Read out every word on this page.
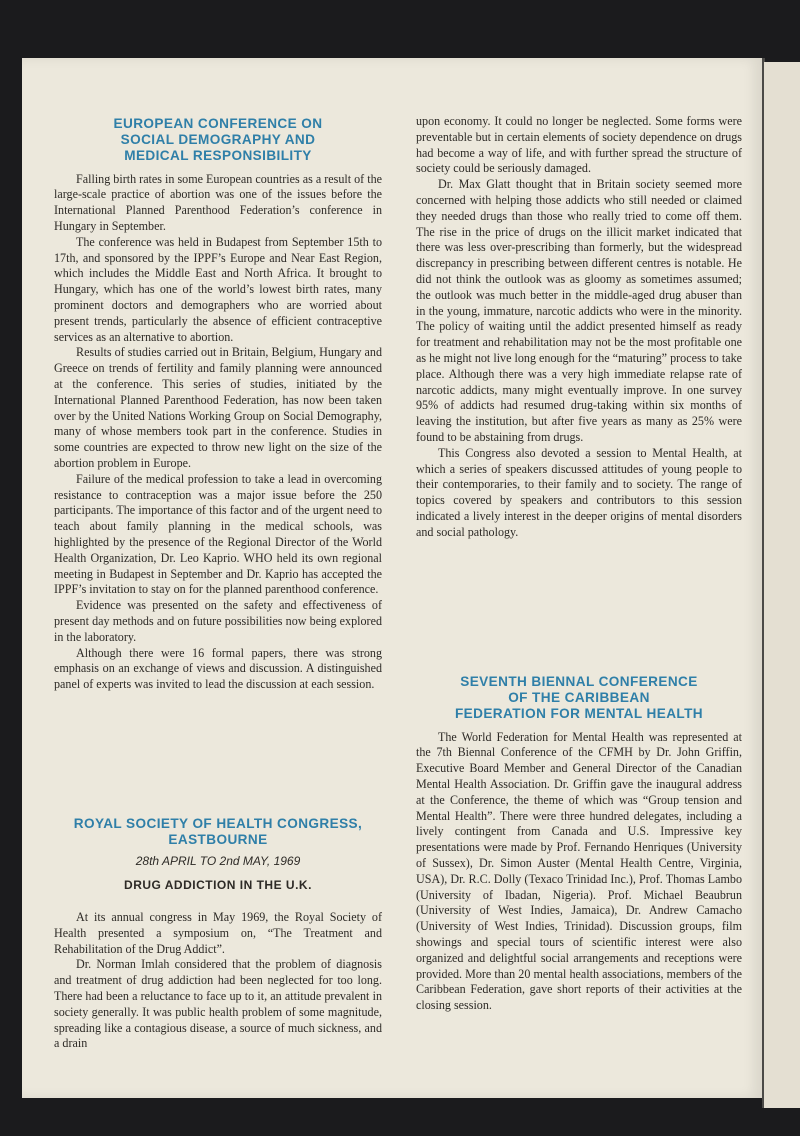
EUROPEAN CONFERENCE ON
SOCIAL DEMOGRAPHY AND
MEDICAL RESPONSIBILITY

Falling birth rates in some European countries as a result of the large-scale practice of abortion was one of the issues before the International Planned Parenthood Federation’s conference in Hungary in September.

The conference was held in Budapest from September 15th to 17th, and sponsored by the IPPF’s Europe and Near East Region, which includes the Middle East and North Africa. It brought to Hungary, which has one of the world’s lowest birth rates, many prominent doctors and demographers who are worried about present trends, particularly the absence of efficient contraceptive services as an alternative to abortion.

Results of studies carried out in Britain, Belgium, Hungary and Greece on trends of fertility and family planning were announced at the conference. This series of studies, initiated by the International Planned Parenthood Federation, has now been taken over by the United Nations Working Group on Social Demography, many of whose members took part in the conference. Studies in some countries are expected to throw new light on the size of the abortion problem in Europe.

Failure of the medical profession to take a lead in overcoming resistance to contraception was a major issue before the 250 participants. The importance of this factor and of the urgent need to teach about family planning in the medical schools, was highlighted by the presence of the Regional Director of the World Health Organization, Dr. Leo Kaprio. WHO held its own regional meeting in Budapest in September and Dr. Kaprio has accepted the IPPF’s invitation to stay on for the planned parenthood conference.

Evidence was presented on the safety and effectiveness of present day methods and on future possibilities now being explored in the laboratory.

Although there were 16 formal papers, there was strong emphasis on an exchange of views and discussion. A distinguished panel of experts was invited to lead the discussion at each session.

ROYAL SOCIETY OF HEALTH CONGRESS,
EASTBOURNE
28th APRIL TO 2nd MAY, 1969
DRUG ADDICTION IN THE U.K.

At its annual congress in May 1969, the Royal Society of Health presented a symposium on, “The Treatment and Rehabilitation of the Drug Addict”.

Dr. Norman Imlah considered that the problem of diagnosis and treatment of drug addiction had been neglected for too long. There had been a reluctance to face up to it, an attitude prevalent in society generally. It was public health problem of some magnitude, spreading like a contagious disease, a source of much sickness, and a drain

upon economy. It could no longer be neglected. Some forms were preventable but in certain elements of society dependence on drugs had become a way of life, and with further spread the structure of society could be seriously damaged.

Dr. Max Glatt thought that in Britain society seemed more concerned with helping those addicts who still needed or claimed they needed drugs than those who really tried to come off them. The rise in the price of drugs on the illicit market indicated that there was less over-prescribing than formerly, but the widespread discrepancy in prescribing between different centres is notable. He did not think the outlook was as gloomy as sometimes assumed; the outlook was much better in the middle-aged drug abuser than in the young, immature, narcotic addicts who were in the minority. The policy of waiting until the addict presented himself as ready for treatment and rehabilitation may not be the most profitable one as he might not live long enough for the “maturing” process to take place. Although there was a very high immediate relapse rate of narcotic addicts, many might eventually improve. In one survey 95% of addicts had resumed drug-taking within six months of leaving the institution, but after five years as many as 25% were found to be abstaining from drugs.

This Congress also devoted a session to Mental Health, at which a series of speakers discussed attitudes of young people to their contemporaries, to their family and to society. The range of topics covered by speakers and contributors to this session indicated a lively interest in the deeper origins of mental disorders and social pathology.

SEVENTH BIENNAL CONFERENCE
OF THE CARIBBEAN
FEDERATION FOR MENTAL HEALTH

The World Federation for Mental Health was represented at the 7th Biennal Conference of the CFMH by Dr. John Griffin, Executive Board Member and General Director of the Canadian Mental Health Association. Dr. Griffin gave the inaugural address at the Conference, the theme of which was “Group tension and Mental Health”. There were three hundred delegates, including a lively contingent from Canada and U.S. Impressive key presentations were made by Prof. Fernando Henriques (University of Sussex), Dr. Simon Auster (Mental Health Centre, Virginia, USA), Dr. R.C. Dolly (Texaco Trinidad Inc.), Prof. Thomas Lambo (University of Ibadan, Nigeria). Prof. Michael Beaubrun (University of West Indies, Jamaica), Dr. Andrew Camacho (University of West Indies, Trinidad). Discussion groups, film showings and special tours of scientific interest were also organized and delightful social arrangements and receptions were provided. More than 20 mental health associations, members of the Caribbean Federation, gave short reports of their activities at the closing session.
